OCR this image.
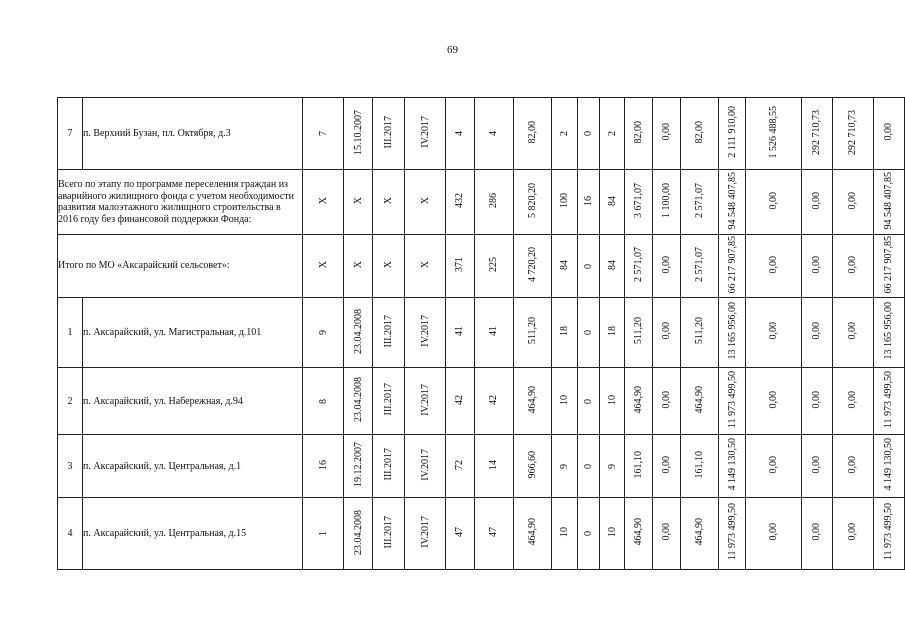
69
7	п. Верхний Бузан, пл. Октября, д.3	7	15.10.2007	III.2017	IV.2017	4	4	82,00	2	0	2	82,00	0,00	82,00	2 111 910,00	1 526 488,55	292 710,73	292 710,73	0,00
Всего по этапу по программе переселения граждан из аварийного жилищного фонда с учетом необходимости развития малоэтажного жилищного строительства в 2016 году без финансовой поддержки Фонда:		X	X	X	X	432	286	5 820,20	100	16	84	3 671,07	1 100,00	2 571,07	94 548 407,85	0,00	0,00	0,00	94 548 407,85
Итого по МО «Аксарайский сельсовет»:		X	X	X	X	371	225	4 720,20	84	0	84	2 571,07	0,00	2 571,07	66 217 907,85	0,00	0,00	0,00	66 217 907,85
1	п. Аксарайский, ул. Магистральная, д.101	9	23.04.2008	III.2017	IV.2017	41	41	511,20	18	0	18	511,20	0,00	511,20	13 165 956,00	0,00	0,00	0,00	13 165 956,00
2	п. Аксарайский, ул. Набережная, д.94	8	23.04.2008	III.2017	IV.2017	42	42	464,90	10	0	10	464,90	0,00	464,90	11 973 499,50	0,00	0,00	0,00	11 973 499,50
3	п. Аксарайский, ул. Центральная, д.1	16	19.12.2007	III.2017	IV.2017	72	14	966,60	9	0	9	161,10	0,00	161,10	4 149 130,50	0,00	0,00	0,00	4 149 130,50
4	п. Аксарайский, ул. Центральная, д.15	1	23.04.2008	III.2017	IV.2017	47	47	464,90	10	0	10	464,90	0,00	464,90	11 973 499,50	0,00	0,00	0,00	11 973 499,50
